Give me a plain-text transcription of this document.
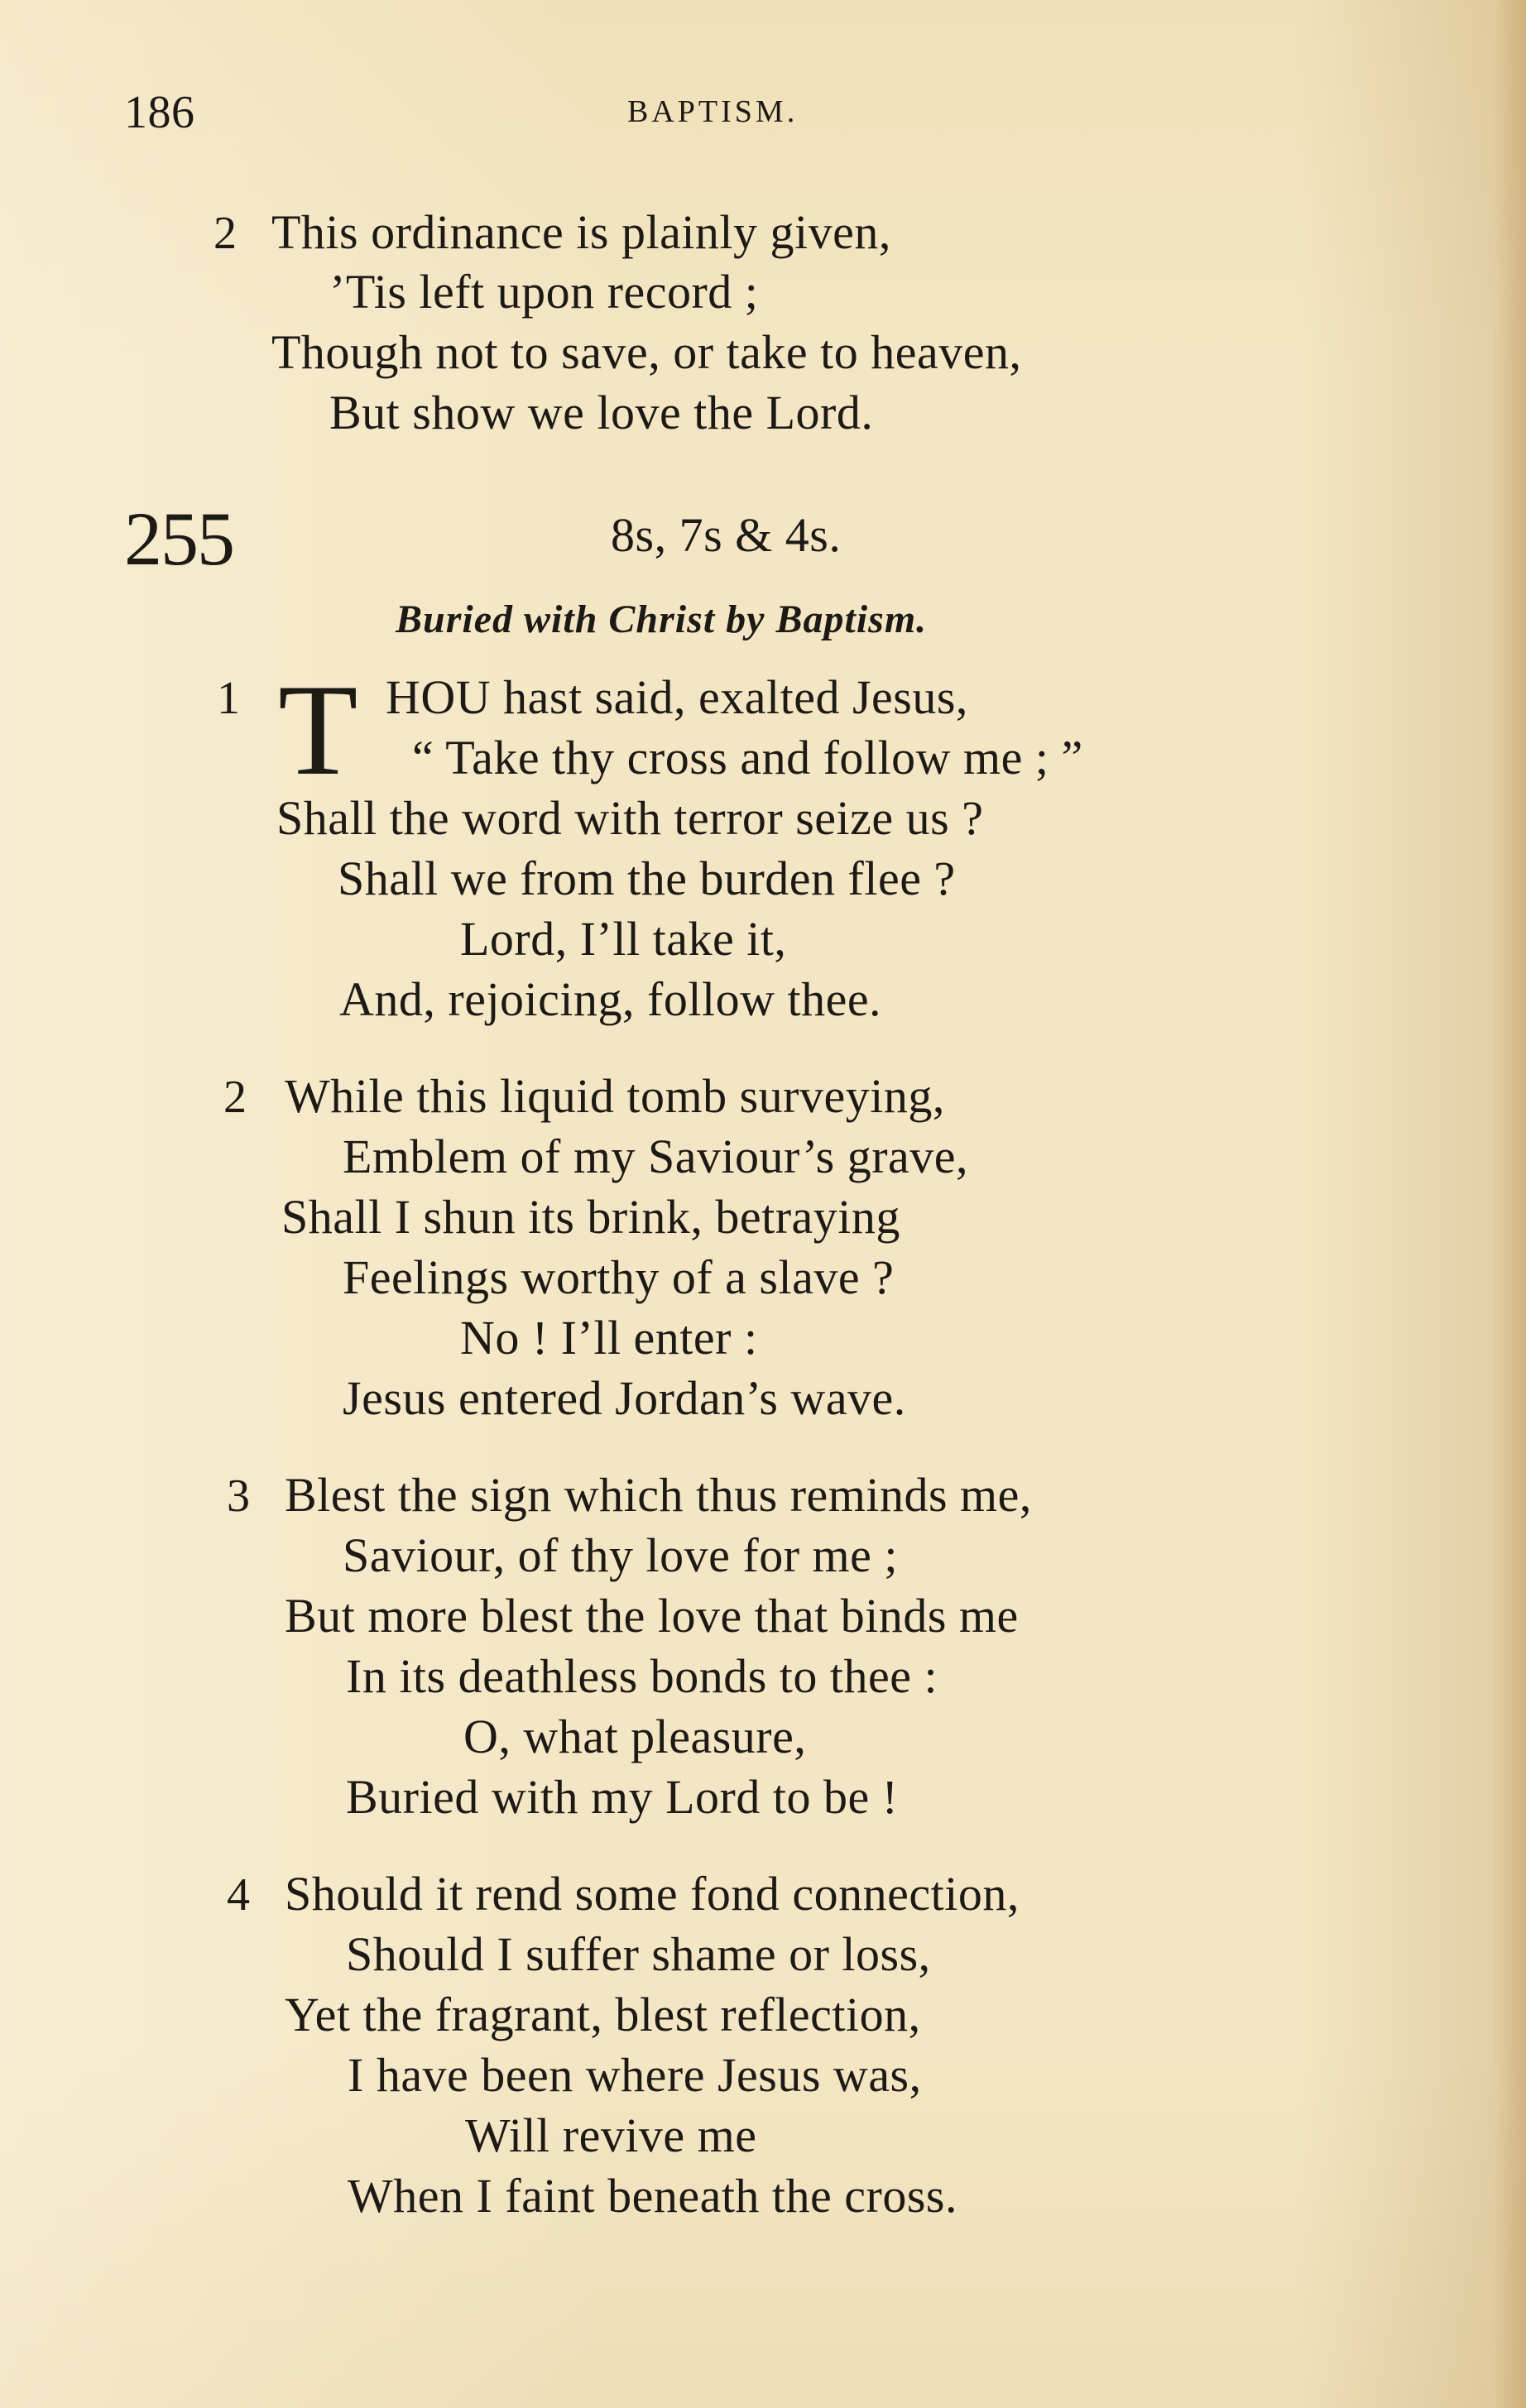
186	BAPTISM.
2 This ordinance is plainly given,
’Tis left upon record ;
Though not to save, or take to heaven,
But show we love the Lord.
255	8s, 7s & 4s.
Buried with Christ by Baptism.
1 T HOU hast said, exalted Jesus,
“ Take thy cross and follow me ; ”
Shall the word with terror seize us ?
Shall we from the burden flee ?
Lord, I’ll take it,
And, rejoicing, follow thee.
2 While this liquid tomb surveying,
Emblem of my Saviour’s grave,
Shall I shun its brink, betraying
Feelings worthy of a slave ?
No ! I’ll enter :
Jesus entered Jordan’s wave.
3 Blest the sign which thus reminds me,
Saviour, of thy love for me ;
But more blest the love that binds me
In its deathless bonds to thee :
O, what pleasure,
Buried with my Lord to be !
4 Should it rend some fond connection,
Should I suffer shame or loss,
Yet the fragrant, blest reflection,
I have been where Jesus was,
Will revive me
When I faint beneath the cross.
